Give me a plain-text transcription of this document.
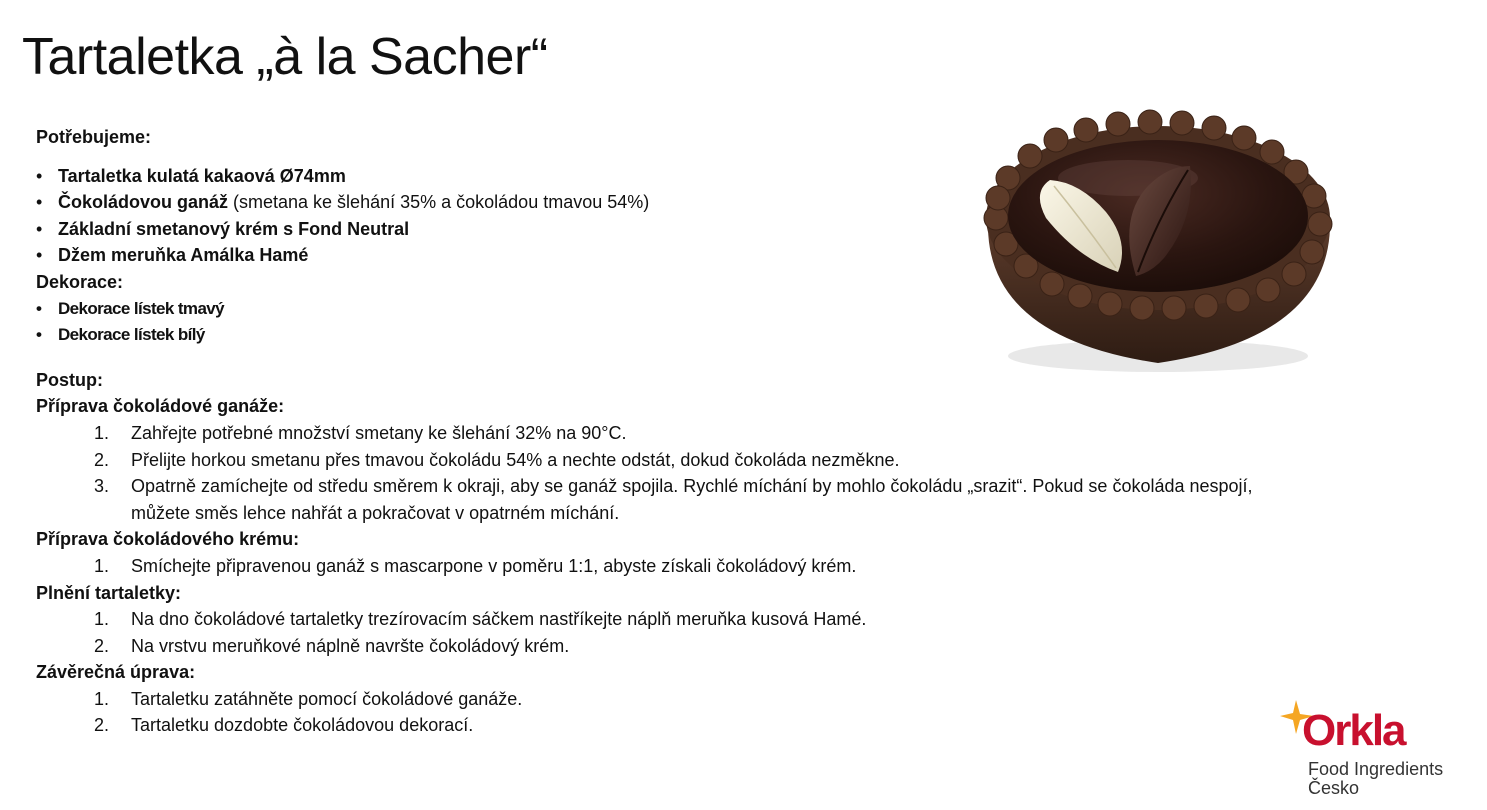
Tartaletka „à la Sacher“
Potřebujeme:
• Tartaletka kulatá kakaová Ø74mm
• Čokoládovou ganáž (smetana ke šlehání 35% a čokoládou tmavou 54%)
• Základní smetanový krém s Fond Neutral
• Džem meruňka Amálka Hamé
Dekorace:
• Dekorace lístek tmavý
• Dekorace lístek bílý
Postup:
Příprava čokoládové ganáže:
1. Zahřejte potřebné množství smetany ke šlehání 32% na 90°C.
2. Přelijte horkou smetanu přes tmavou čokoládu 54% a nechte odstát, dokud čokoláda nezměkne.
3. Opatrně zamíchejte od středu směrem k okraji, aby se ganáž spojila. Rychlé míchání by mohlo čokoládu „srazit“. Pokud se čokoláda nespojí, můžete směs lehce nahřát a pokračovat v opatrném míchání.
Příprava čokoládového krému:
1. Smíchejte připravenou ganáž s mascarpone v poměru 1:1, abyste získali čokoládový krém.
Plnění tartaletky:
1. Na dno čokoládové tartaletky trezírovacím sáčkem nastříkejte náplň meruňka kusová Hamé.
2. Na vrstvu meruňkové náplně navršte čokoládový krém.
Závěrečná úprava:
1. Tartaletku zatáhněte pomocí čokoládové ganáže.
2. Tartaletku dozdobte čokoládovou dekorací.	Orkla
Food Ingredients
Česko
